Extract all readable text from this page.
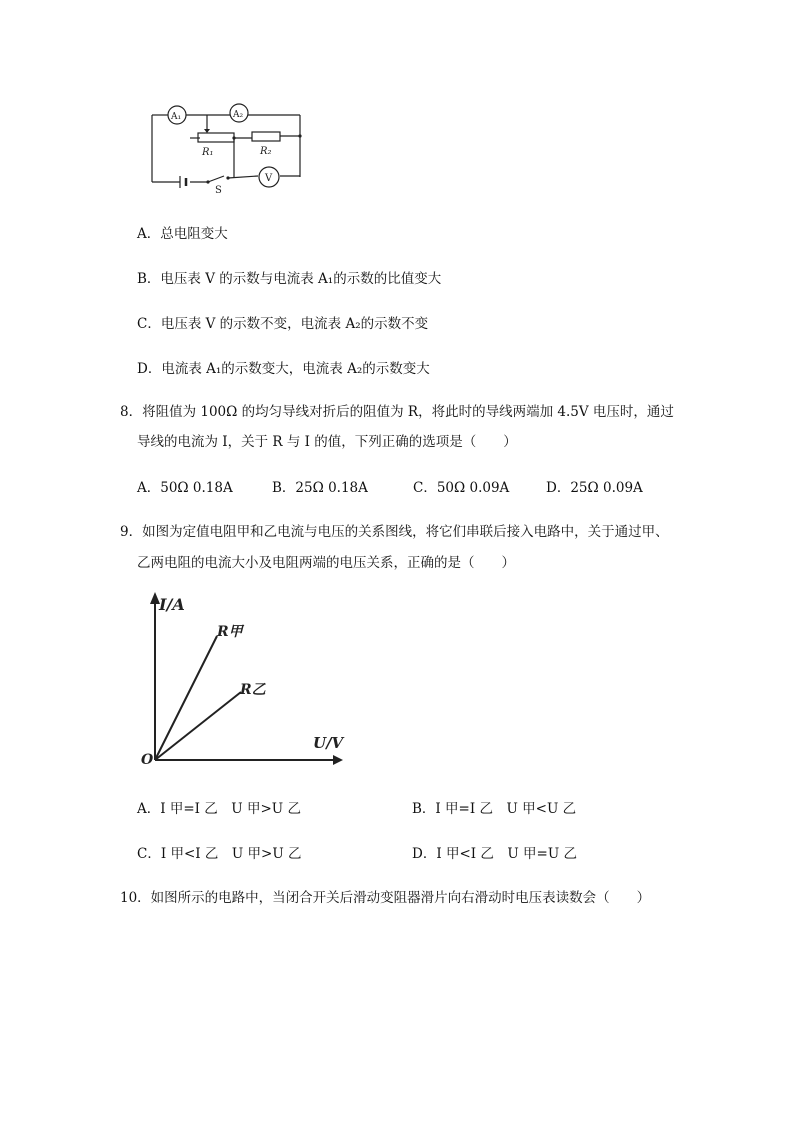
A₁	A₂
R₁	R₂
V
S
A．总电阻变大
B．电压表 V 的示数与电流表 A₁的示数的比值变大
C．电压表 V 的示数不变，电流表 A₂的示数不变
D．电流表 A₁的示数变大，电流表 A₂的示数变大
8．将阻值为 100Ω 的均匀导线对折后的阻值为 R，将此时的导线两端加 4.5V 电压时，通过
导线的电流为 I，关于 R 与 I 的值，下列正确的选项是（　　）
A．50Ω 0.18A	B．25Ω 0.18A	C．50Ω 0.09A	D．25Ω 0.09A
9．如图为定值电阻甲和乙电流与电压的关系图线，将它们串联后接入电路中，关于通过甲、
乙两电阻的电流大小及电阻两端的电压关系，正确的是（　　）
I/A
U/V
O
R甲
R乙
A．I 甲=I 乙　U 甲>U 乙	B．I 甲=I 乙　U 甲<U 乙
C．I 甲<I 乙　U 甲>U 乙	D．I 甲<I 乙　U 甲=U 乙
10．如图所示的电路中，当闭合开关后滑动变阻器滑片向右滑动时电压表读数会（　　）
